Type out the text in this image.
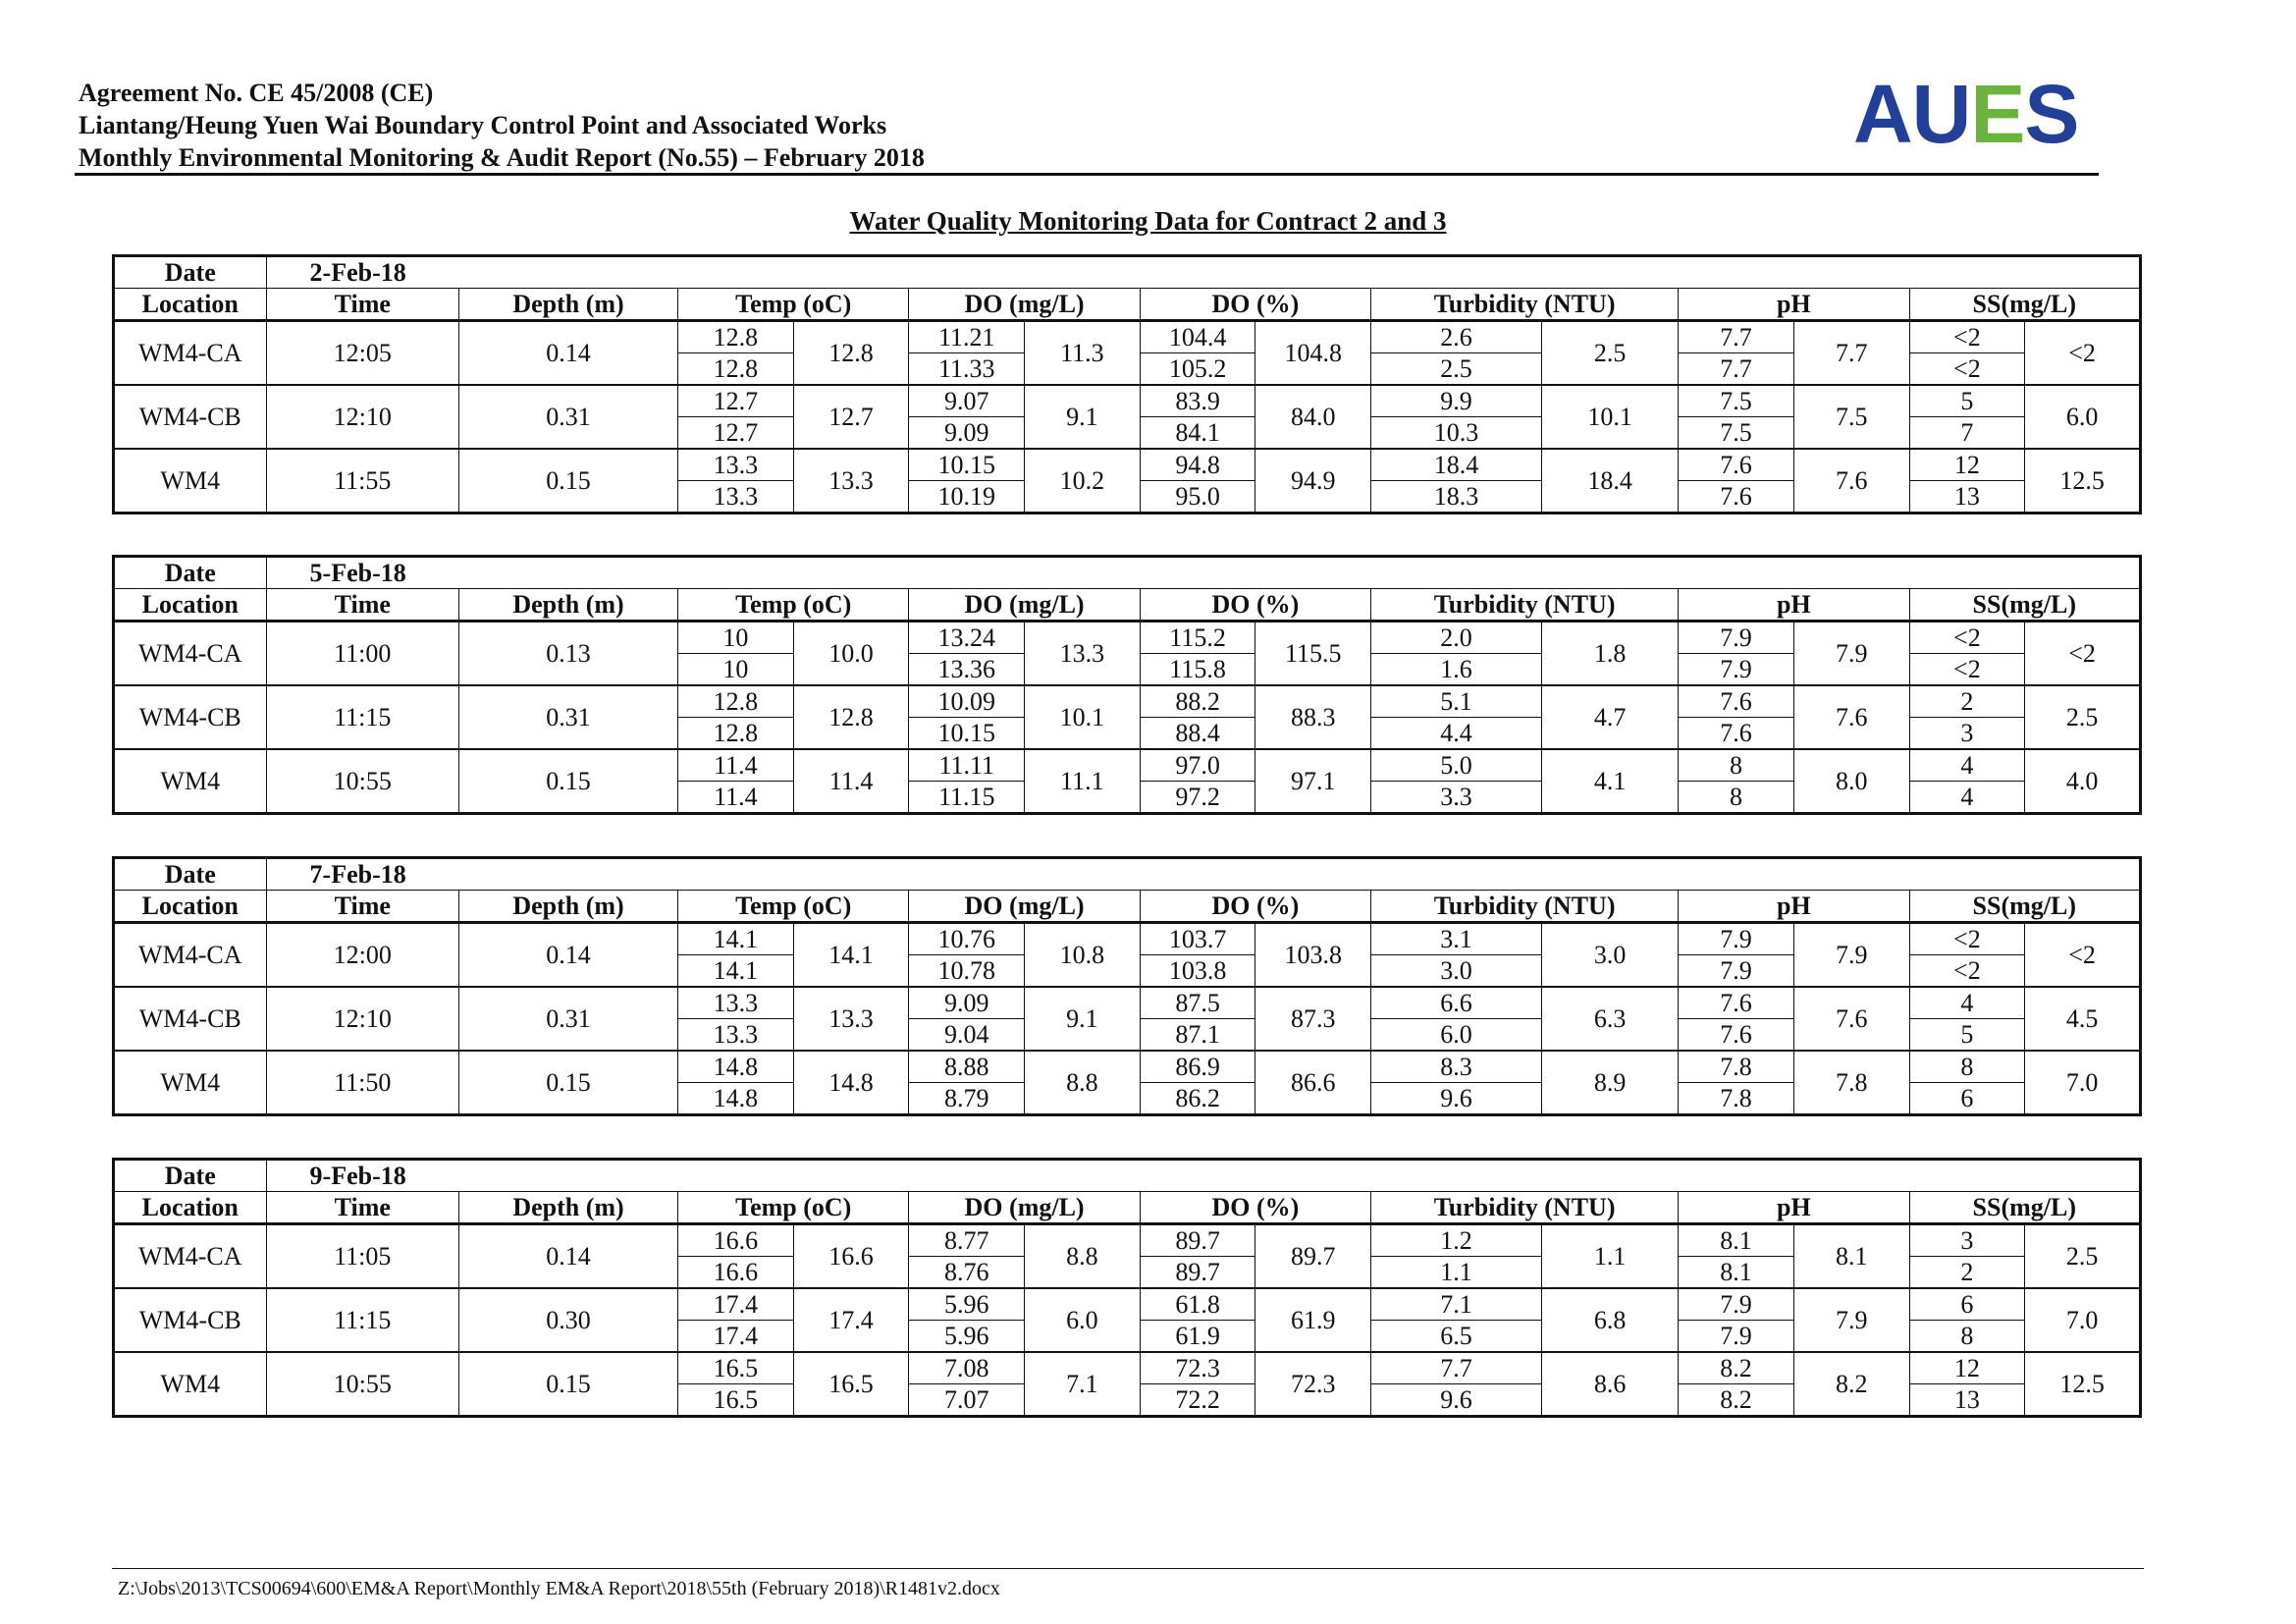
Agreement No. CE 45/2008 (CE)
Liantang/Heung Yuen Wai Boundary Control Point and Associated Works
Monthly Environmental Monitoring & Audit Report (No.55) – February 2018	AUES
Water Quality Monitoring Data for Contract 2 and 3
Date	2-Feb-18													
Location	Time	Depth (m)	Temp (oC)		DO (mg/L)		DO (%)		Turbidity (NTU)		pH		SS(mg/L)	
WM4-CA	12:05	0.14	12.8	12.8	11.21	11.3	104.4	104.8	2.6	2.5	7.7	7.7	<2	<2
			12.8		11.33		105.2		2.5		7.7		<2	
WM4-CB	12:10	0.31	12.7	12.7	9.07	9.1	83.9	84.0	9.9	10.1	7.5	7.5	5	6.0
			12.7		9.09		84.1		10.3		7.5		7	
WM4	11:55	0.15	13.3	13.3	10.15	10.2	94.8	94.9	18.4	18.4	7.6	7.6	12	12.5
			13.3		10.19		95.0		18.3		7.6		13	
Date	5-Feb-18													
Location	Time	Depth (m)	Temp (oC)		DO (mg/L)		DO (%)		Turbidity (NTU)		pH		SS(mg/L)	
WM4-CA	11:00	0.13	10	10.0	13.24	13.3	115.2	115.5	2.0	1.8	7.9	7.9	<2	<2
			10		13.36		115.8		1.6		7.9		<2	
WM4-CB	11:15	0.31	12.8	12.8	10.09	10.1	88.2	88.3	5.1	4.7	7.6	7.6	2	2.5
			12.8		10.15		88.4		4.4		7.6		3	
WM4	10:55	0.15	11.4	11.4	11.11	11.1	97.0	97.1	5.0	4.1	8	8.0	4	4.0
			11.4		11.15		97.2		3.3		8		4	
Date	7-Feb-18													
Location	Time	Depth (m)	Temp (oC)		DO (mg/L)		DO (%)		Turbidity (NTU)		pH		SS(mg/L)	
WM4-CA	12:00	0.14	14.1	14.1	10.76	10.8	103.7	103.8	3.1	3.0	7.9	7.9	<2	<2
			14.1		10.78		103.8		3.0		7.9		<2	
WM4-CB	12:10	0.31	13.3	13.3	9.09	9.1	87.5	87.3	6.6	6.3	7.6	7.6	4	4.5
			13.3		9.04		87.1		6.0		7.6		5	
WM4	11:50	0.15	14.8	14.8	8.88	8.8	86.9	86.6	8.3	8.9	7.8	7.8	8	7.0
			14.8		8.79		86.2		9.6		7.8		6	
Date	9-Feb-18													
Location	Time	Depth (m)	Temp (oC)		DO (mg/L)		DO (%)		Turbidity (NTU)		pH		SS(mg/L)	
WM4-CA	11:05	0.14	16.6	16.6	8.77	8.8	89.7	89.7	1.2	1.1	8.1	8.1	3	2.5
			16.6		8.76		89.7		1.1		8.1		2	
WM4-CB	11:15	0.30	17.4	17.4	5.96	6.0	61.8	61.9	7.1	6.8	7.9	7.9	6	7.0
			17.4		5.96		61.9		6.5		7.9		8	
WM4	10:55	0.15	16.5	16.5	7.08	7.1	72.3	72.3	7.7	8.6	8.2	8.2	12	12.5
			16.5		7.07		72.2		9.6		8.2		13	
Z:\Jobs\2013\TCS00694\600\EM&A Report\Monthly EM&A Report\2018\55th (February 2018)\R1481v2.docx
